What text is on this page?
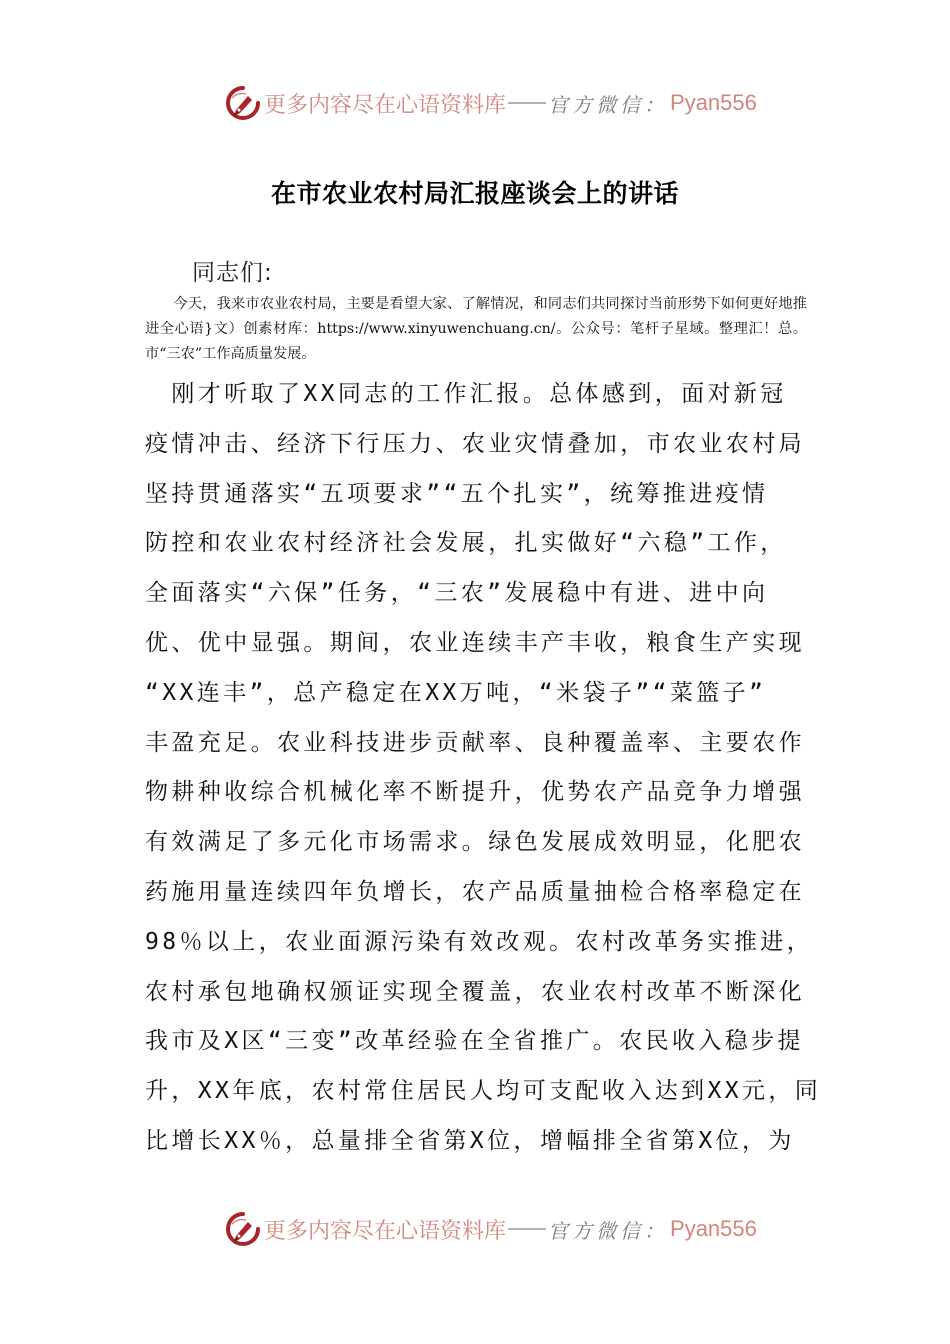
更多内容尽在心语资料库 官方微信： Pyan556
在市农业农村局汇报座谈会上的讲话
同志们:
今天，我来市农业农村局，主要是看望大家、了解情况，和同志们共同探讨当前形势下如何更好地推进全心语}文）创素材库：https://www.xinyuwenchuang.cn/。公众号：笔杆子星域。整理汇！总。市“三农”工作高质量发展。
　刚才听取了XX同志的工作汇报。总体感到，面对新冠
疫情冲击、经济下行压力、农业灾情叠加，市农业农村局
坚持贯通落实“五项要求”“五个扎实”，统筹推进疫情
防控和农业农村经济社会发展，扎实做好“六稳”工作，
全面落实“六保”任务，“三农”发展稳中有进、进中向
优、优中显强。期间，农业连续丰产丰收，粮食生产实现
“XX连丰”，总产稳定在XX万吨，“米袋子”“菜篮子”
丰盈充足。农业科技进步贡献率、良种覆盖率、主要农作
物耕种收综合机械化率不断提升，优势农产品竞争力增强
有效满足了多元化市场需求。绿色发展成效明显，化肥农
药施用量连续四年负增长，农产品质量抽检合格率稳定在
98％以上，农业面源污染有效改观。农村改革务实推进，
农村承包地确权颁证实现全覆盖，农业农村改革不断深化
我市及X区“三变”改革经验在全省推广。农民收入稳步提
升，XX年底，农村常住居民人均可支配收入达到XX元，同
比增长XX％，总量排全省第X位，增幅排全省第X位，为
更多内容尽在心语资料库 官方微信： Pyan556
